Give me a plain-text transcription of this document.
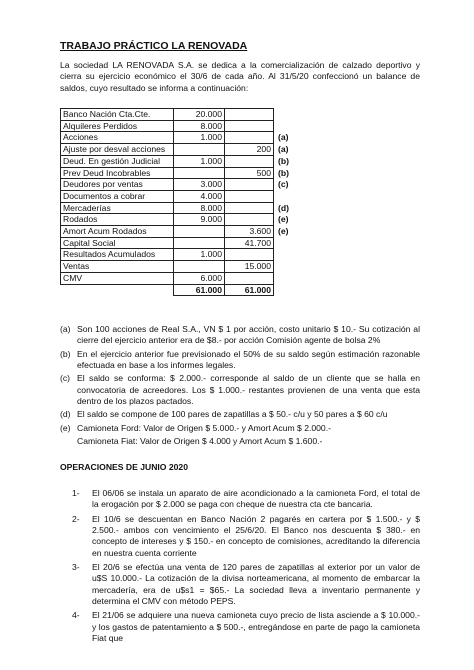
TRABAJO PRÁCTICO LA RENOVADA

La sociedad LA RENOVADA S.A. se dedica a la comercialización de calzado deportivo y cierra su ejercicio económico el 30/6 de cada año. Al 31/5/20 confeccionó un balance de saldos, cuyo resultado se informa a continuación:

Banco Nación Cta.Cte.	20.000		
Alquileres Perdidos	8.000		
Acciones	1.000		(a)
Ajuste por desval acciones		200	(a)
Deud. En gestión Judicial	1.000		(b)
Prev Deud Incobrables		500	(b)
Deudores por ventas	3.000		(c)
Documentos a cobrar	4.000		
Mercaderías	8.000		(d)
Rodados	9.000		(e)
Amort Acum Rodados		3.600	(e)
Capital Social		41.700	
Resultados Acumulados	1.000		
Ventas		15.000	
CMV	6.000		
	61.000	61.000	
(a) Son 100 acciones de Real S.A., VN $ 1 por acción, costo unitario $ 10.- Su cotización al cierre del ejercicio anterior era de $8.- por acción Comisión agente de bolsa 2%
(b) En el ejercicio anterior fue previsionado el 50% de su saldo según estimación razonable efectuada en base a los informes legales.
(c) El saldo se conforma: $ 2.000.- corresponde al saldo de un cliente que se halla en convocatoria de acreedores. Los $ 1.000.- restantes provienen de una venta que esta dentro de los plazos pactados.
(d) El saldo se compone de 100 pares de zapatillas a $ 50.- c/u y 50 pares a $ 60 c/u
(e) Camioneta Ford: Valor de Origen $ 5.000.- y Amort Acum $ 2.000.-
Camioneta Fiat: Valor de Origen $ 4.000 y Amort Acum $ 1.600.-
OPERACIONES DE JUNIO 2020
1-	El 06/06 se instala un aparato de aire acondicionado a la camioneta Ford, el total de la erogación por $ 2.000 se paga con cheque de nuestra cta cte bancaria.
2-	El 10/6 se descuentan en Banco Nación 2 pagarés en cartera por $ 1.500.- y $ 2.500.- ambos con vencimiento el 25/6/20. El Banco nos descuenta $ 380.- en concepto de intereses y $ 150.- en concepto de comisiones, acreditando la diferencia en nuestra cuenta corriente
3-	El 20/6 se efectúa una venta de 120 pares de zapatillas al exterior por un valor de u$S 10.000.- La cotización de la divisa norteamericana, al momento de embarcar la mercadería, era de u$s1 = $65.- La sociedad lleva a inventario permanente y determina el CMV con método PEPS.
4-	El 21/06 se adquiere una nueva camioneta cuyo precio de lista asciende a $ 10.000.- y los gastos de patentamiento a $ 500.-, entregándose en parte de pago la camioneta Fiat que
